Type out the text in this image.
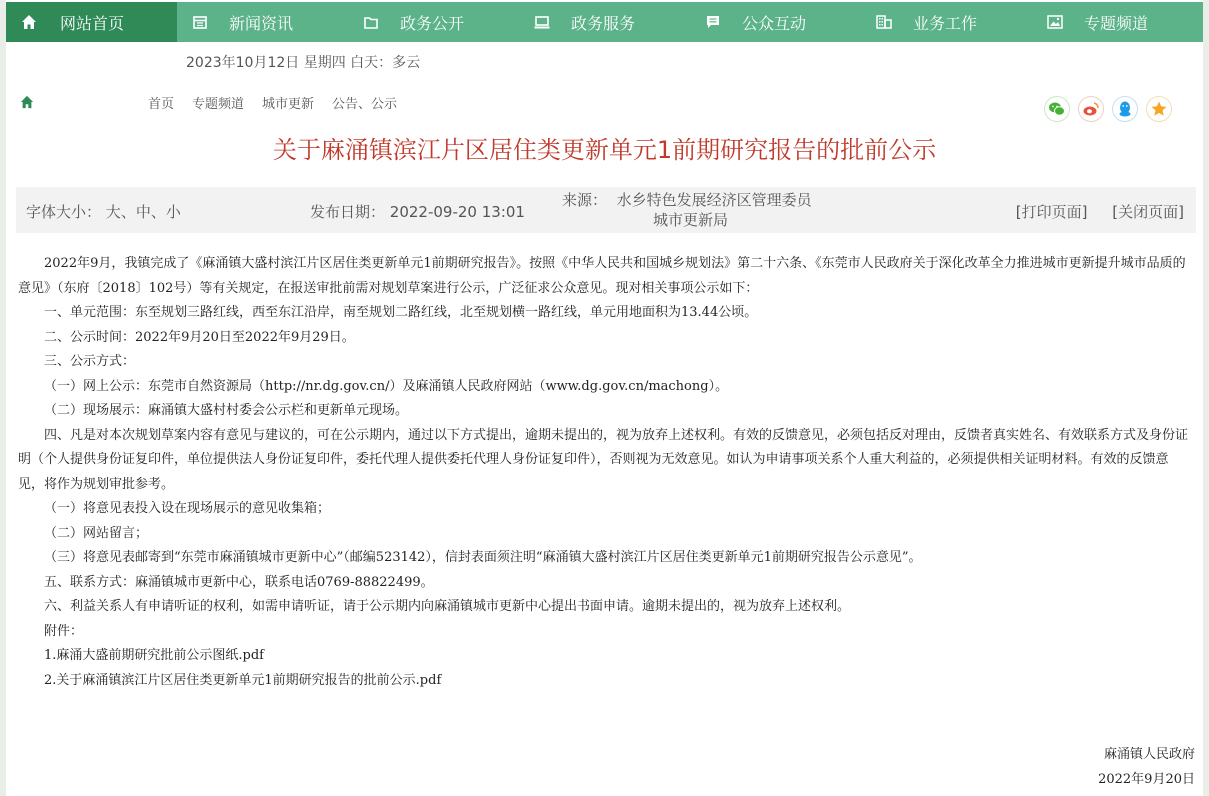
网站首页	新闻资讯	政务公开	政务服务	公众互动	业务工作	专题频道
2023年10月12日 星期四 白天：多云
首页 专题频道 城市更新 公告、公示
关于麻涌镇滨江片区居住类更新单元1前期研究报告的批前公示
字体大小： 大、中、小	发布日期： 2022-09-20 13:01
来源： 水乡特色发展经济区管理委员
城市更新局	[打印页面] [关闭页面]

2022年9月，我镇完成了《麻涌镇大盛村滨江片区居住类更新单元1前期研究报告》。按照《中华人民共和国城乡规划法》第二十六条、《东莞市人民政府关于深化改革全力推进城市更新提升城市品质的意见》（东府〔2018〕102号）等有关规定，在报送审批前需对规划草案进行公示，广泛征求公众意见。现对相关事项公示如下：

一、单元范围：东至规划三路红线，西至东江沿岸，南至规划二路红线，北至规划横一路红线，单元用地面积为13.44公顷。

二、公示时间：2022年9月20日至2022年9月29日。

三、公示方式：

（一）网上公示：东莞市自然资源局（http://nr.dg.gov.cn/）及麻涌镇人民政府网站（www.dg.gov.cn/machong）。

（二）现场展示：麻涌镇大盛村村委会公示栏和更新单元现场。

四、凡是对本次规划草案内容有意见与建议的，可在公示期内，通过以下方式提出，逾期未提出的，视为放弃上述权利。有效的反馈意见，必须包括反对理由，反馈者真实姓名、有效联系方式及身份证明（个人提供身份证复印件，单位提供法人身份证复印件，委托代理人提供委托代理人身份证复印件），否则视为无效意见。如认为申请事项关系个人重大利益的，必须提供相关证明材料。有效的反馈意见，将作为规划审批参考。

（一）将意见表投入设在现场展示的意见收集箱；

（二）网站留言；

（三）将意见表邮寄到“东莞市麻涌镇城市更新中心”（邮编523142），信封表面须注明“麻涌镇大盛村滨江片区居住类更新单元1前期研究报告公示意见”。

五、联系方式：麻涌镇城市更新中心，联系电话0769-88822499。

六、利益关系人有申请听证的权利，如需申请听证，请于公示期内向麻涌镇城市更新中心提出书面申请。逾期未提出的，视为放弃上述权利。

附件：

1.麻涌大盛前期研究批前公示图纸.pdf

2.关于麻涌镇滨江片区居住类更新单元1前期研究报告的批前公示.pdf

麻涌镇人民政府
2022年9月20日
